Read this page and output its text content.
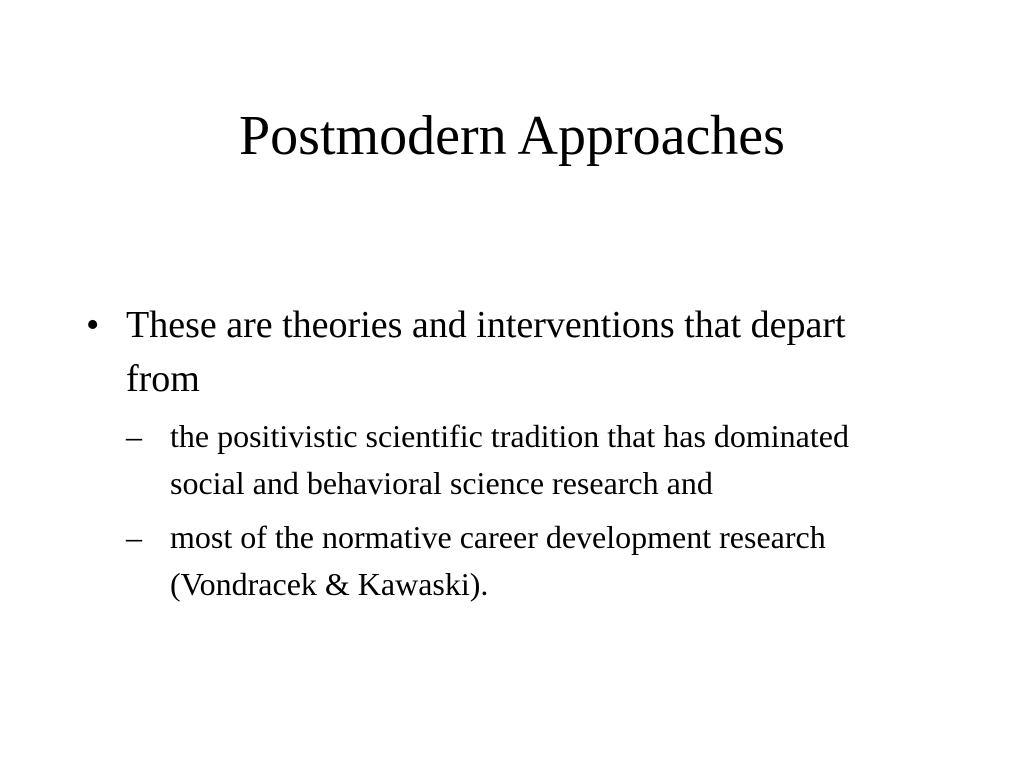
Postmodern Approaches
• These are theories and interventions that depart from
– the positivistic scientific tradition that has dominated social and behavioral science research and
– most of the normative career development research (Vondracek & Kawaski).
